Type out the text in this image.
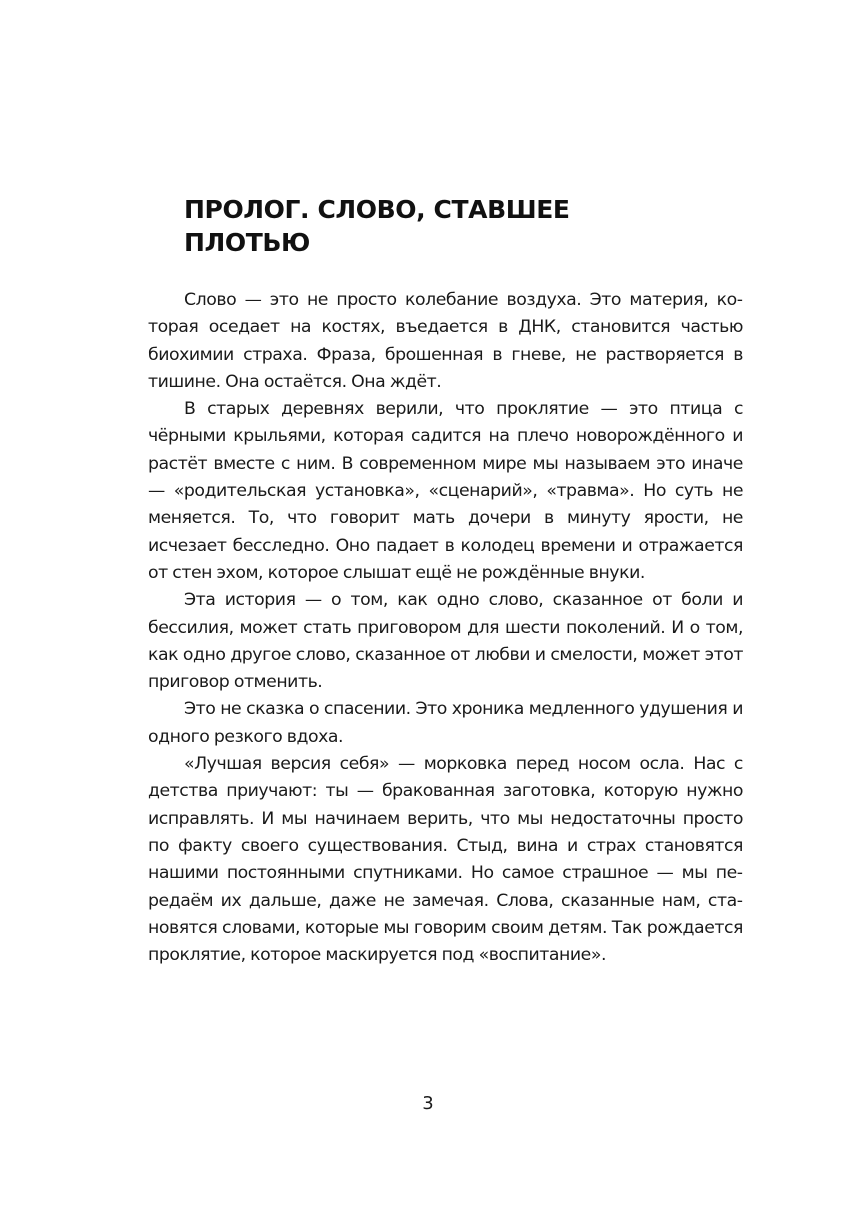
ПРОЛОГ. СЛОВО, СТАВШЕЕ
ПЛОТЬЮ

Слово — это не просто колебание воздуха. Это материя, которая оседает на костях, въедается в ДНК, становится частью биохимии страха. Фраза, брошенная в гневе, не растворяется в тишине. Она остаётся. Она ждёт.

В старых деревнях верили, что проклятие — это птица с чёрными крыльями, которая садится на плечо новорождённого и растёт вместе с ним. В современном мире мы называем это иначе — «родительская установка», «сценарий», «травма». Но суть не меняется. То, что говорит мать дочери в минуту ярости, не исчезает бесследно. Оно падает в колодец времени и отражается от стен эхом, которое слышат ещё не рождённые внуки.

Эта история — о том, как одно слово, сказанное от боли и бессилия, может стать приговором для шести поколений. И о том, как одно другое слово, сказанное от любви и смелости, может этот приговор отменить.

Это не сказка о спасении. Это хроника медленного удушения и одного резкого вдоха.

«Лучшая версия себя» — морковка перед носом осла. Нас с детства приучают: ты — бракованная заготовка, которую нужно исправлять. И мы начинаем верить, что мы недостаточны просто по факту своего существования. Стыд, вина и страх становятся нашими постоянными спутниками. Но самое страшное — мы передаём их дальше, даже не замечая. Слова, сказанные нам, становятся словами, которые мы говорим своим детям. Так рождается проклятие, которое маскируется под «воспитание».

3
